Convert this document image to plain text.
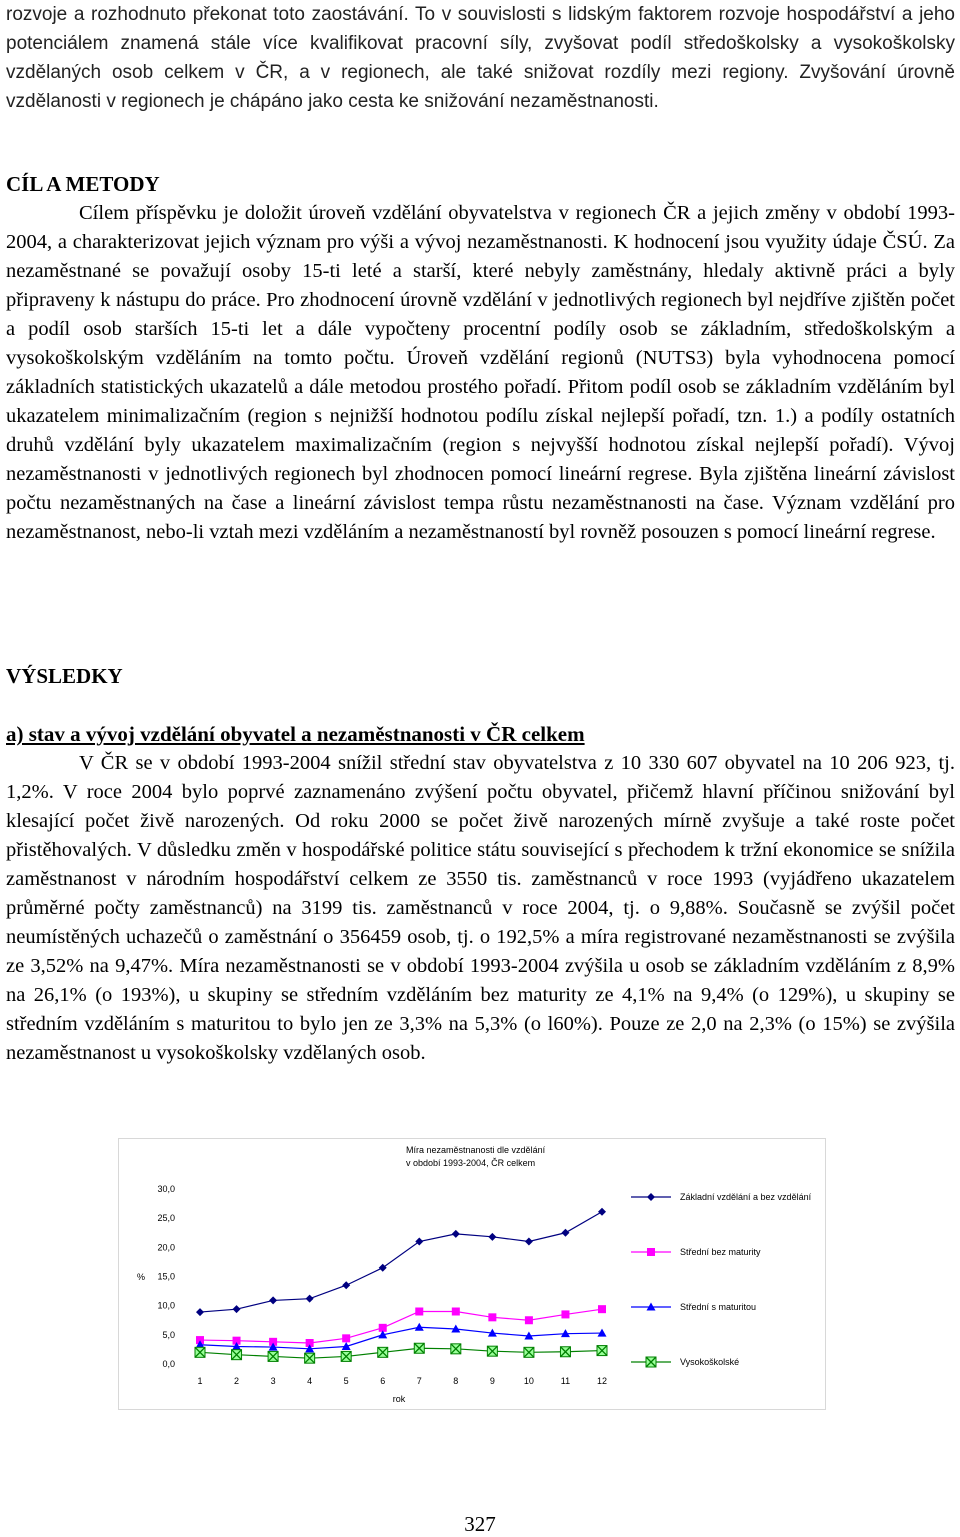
rozvoje a rozhodnuto překonat toto zaostávání. To v souvislosti s lidským faktorem rozvoje hospodářství a jeho potenciálem znamená stále více kvalifikovat pracovní síly, zvyšovat podíl středoškolsky a vysokoškolsky vzdělaných osob celkem v ČR, a v regionech, ale také snižovat rozdíly mezi regiony. Zvyšování úrovně vzdělanosti v regionech je chápáno jako cesta ke snižování nezaměstnanosti.

CÍL A METODY

Cílem příspěvku je doložit úroveň vzdělání obyvatelstva v regionech ČR a jejich změny v období 1993-2004, a charakterizovat jejich význam pro výši a vývoj nezaměstnanosti. K hodnocení jsou využity údaje ČSÚ. Za nezaměstnané se považují osoby 15-ti leté a starší, které nebyly zaměstnány, hledaly aktivně práci a byly připraveny k nástupu do práce. Pro zhodnocení úrovně vzdělání v jednotlivých regionech byl nejdříve zjištěn počet a podíl osob starších 15-ti let a dále vypočteny procentní podíly osob se základním, středoškolským a vysokoškolským vzděláním na tomto počtu. Úroveň vzdělání regionů (NUTS3) byla vyhodnocena pomocí základních statistických ukazatelů a dále metodou prostého pořadí. Přitom podíl osob se základním vzděláním byl ukazatelem minimalizačním (region s nejnižší hodnotou podílu získal nejlepší pořadí, tzn. 1.) a podíly ostatních druhů vzdělání byly ukazatelem maximalizačním (region s nejvyšší hodnotou získal nejlepší pořadí). Vývoj nezaměstnanosti v jednotlivých regionech byl zhodnocen pomocí lineární regrese. Byla zjištěna lineární závislost počtu nezaměstnaných na čase a lineární závislost tempa růstu nezaměstnanosti na čase. Význam vzdělání pro nezaměstnanost, nebo-li vztah mezi vzděláním a nezaměstnaností byl rovněž posouzen s pomocí lineární regrese.

VÝSLEDKY
a) stav a vývoj vzdělání obyvatel a nezaměstnanosti v ČR celkem

V ČR se v období 1993-2004 snížil střední stav obyvatelstva z 10 330 607 obyvatel na 10 206 923, tj. 1,2%. V roce 2004 bylo poprvé zaznamenáno zvýšení počtu obyvatel, přičemž hlavní příčinou snižování byl klesající počet živě narozených. Od roku 2000 se počet živě narozených mírně zvyšuje a také roste počet přistěhovalých. V důsledku změn v hospodářské politice státu související s přechodem k tržní ekonomice se snížila zaměstnanost v národním hospodářství celkem ze 3550 tis. zaměstnanců v roce 1993 (vyjádřeno ukazatelem průměrné počty zaměstnanců) na 3199 tis. zaměstnanců v roce 2004, tj. o 9,88%. Současně se zvýšil počet neumístěných uchazečů o zaměstnání o 356459 osob, tj. o 192,5% a míra registrované nezaměstnanosti se zvýšila ze 3,52% na 9,47%. Míra nezaměstnanosti se v období 1993-2004 zvýšila u osob se základním vzděláním z 8,9% na 26,1% (o 193%), u skupiny se středním vzděláním bez maturity ze 4,1% na 9,4% (o 129%), u skupiny se středním vzděláním s maturitou to bylo jen ze 3,3% na 5,3% (o l60%). Pouze ze 2,0 na 2,3% (o 15%) se zvýšila nezaměstnanost u vysokoškolsky vzdělaných osob.

Míra nezaměstnanosti dle vzdělání
v období 1993-2004, ČR celkem
0,0
5,0
10,0
15,0
20,0
25,0
30,0
1	2	3	4	5	6	7	8	9	10	11	12
rok
%
Základní vzdělání a bez vzdělání
Střední bez maturity
Střední s maturitou
Vysokoškolské
327
